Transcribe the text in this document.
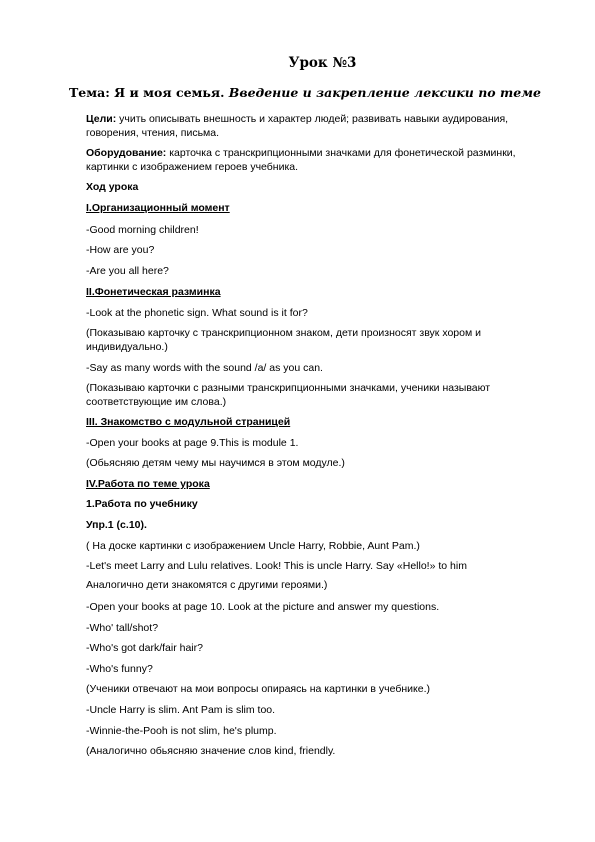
Урок №3
Тема: Я и моя семья. Введение и закрепление лексики по теме
Цели: учить описывать внешность и характер людей; развивать навыки аудирования,
говорения, чтения, письма.
Оборудование: карточка с транскрипционными значками для фонетической разминки,
картинки с изображением героев учебника.
Ход урока
I.Организационный момент
-Good morning children!
-How are you?
-Are you all here?
II.Фонетическая разминка
-Look at the phonetic sign. What sound is it for?
(Показываю карточку с транскрипционном знаком, дети произносят звук хором и
индивидуально.)
-Say as many words with the sound /a/ as you can.
(Показываю карточки с разными транскрипционными значками, ученики называют
соответствующие им слова.)
III. Знакомство с модульной страницей
-Open your books at page 9.This is module 1.
(Обьясняю детям чему мы научимся в этом модуле.)
IV.Работа по теме урока
1.Работа по учебнику
Упр.1 (с.10).
( На доске картинки с изображением Uncle Harry, Robbie, Aunt Pam.)
-Let's meet Larry and Lulu relatives. Look! This is uncle Harry. Say «Hello!» to him
Аналогично дети знакомятся с другими героями.)
-Open your books at page 10. Look at the picture and answer my questions.
-Who' tall/shot?
-Who's got dark/fair hair?
-Who's funny?
(Ученики отвечают на мои вопросы опираясь на картинки в учебнике.)
-Uncle Harry is slim. Ant Pam is slim too.
-Winnie-the-Pooh is not slim, he's plump.
(Аналогично обьясняю значение слов kind, friendly.
